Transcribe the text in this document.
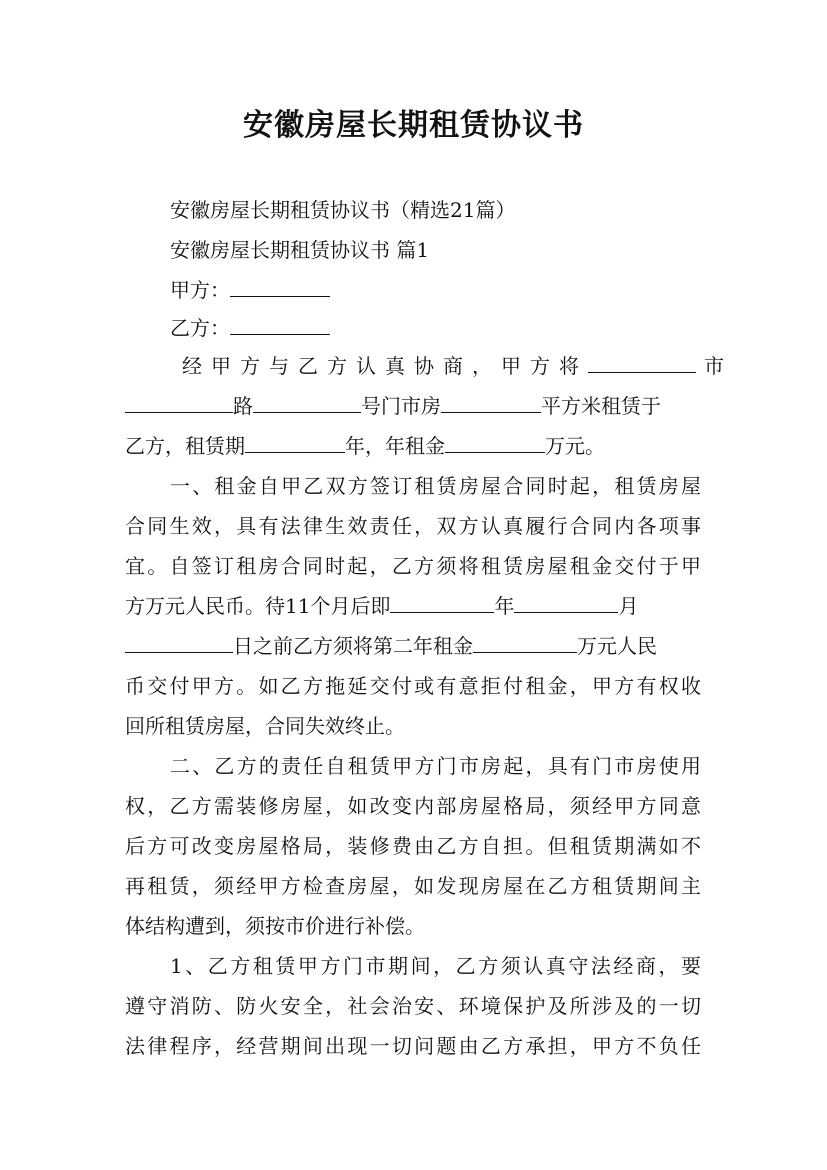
安徽房屋长期租赁协议书
安徽房屋长期租赁协议书（精选21篇）
安徽房屋长期租赁协议书 篇1
甲方：
乙方：
经甲方与乙方认真协商，甲方将	市
路	号门市房	平方米租赁于
乙方，租赁期	年，年租金	万元。
一、租金自甲乙双方签订租赁房屋合同时起，租赁房屋
合同生效，具有法律生效责任，双方认真履行合同内各项事
宜。自签订租房合同时起，乙方须将租赁房屋租金交付于甲
方万元人民币。待11个月后即	年	月
日之前乙方须将第二年租金	万元人民
币交付甲方。如乙方拖延交付或有意拒付租金，甲方有权收
回所租赁房屋，合同失效终止。
二、乙方的责任自租赁甲方门市房起，具有门市房使用
权，乙方需装修房屋，如改变内部房屋格局，须经甲方同意
后方可改变房屋格局，装修费由乙方自担。但租赁期满如不
再租赁，须经甲方检查房屋，如发现房屋在乙方租赁期间主
体结构遭到，须按市价进行补偿。
1、乙方租赁甲方门市期间，乙方须认真守法经商，要
遵守消防、防火安全，社会治安、环境保护及所涉及的一切
法律程序，经营期间出现一切问题由乙方承担，甲方不负任
